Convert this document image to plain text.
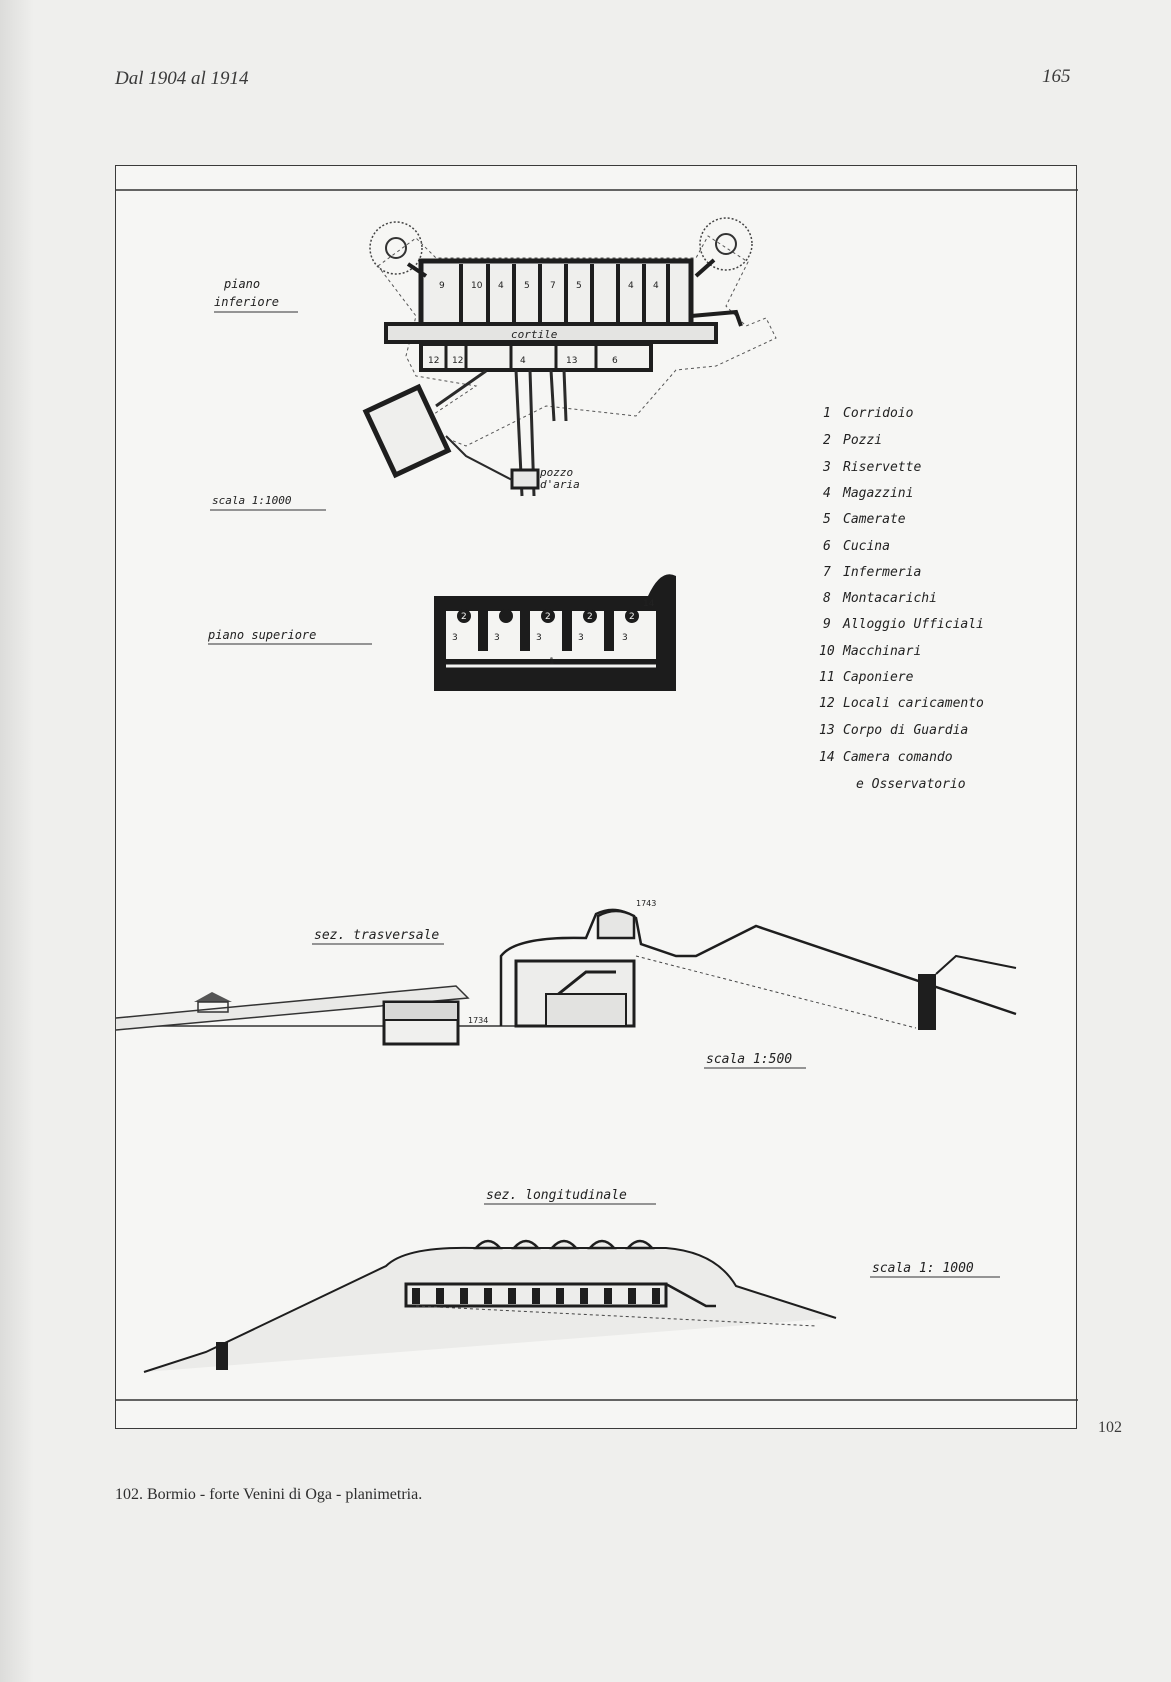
Dal 1904 al 1914	165
cortile
9	10 4 5 7 5	4 4
12 12	4	13	6
piano
inferiore
scala 1:1000
pozzo
d'aria
3
2
3
2
3
2
3
2
3
14
1
piano superiore
1 Corridoio
2 Pozzi
3 Riservette
4 Magazzini
5 Camerate
6 Cucina
7 Infermeria
8 Montacarichi
9 Alloggio Ufficiali
10 Macchinari
11 Caponiere
12 Locali caricamento
13 Corpo di Guardia
14 Camera comando
e Osservatorio
sez. trasversale
1743
1734
scala 1:500
sez. longitudinale
scala 1: 1000
102
102. Bormio - forte Venini di Oga - planimetria.
